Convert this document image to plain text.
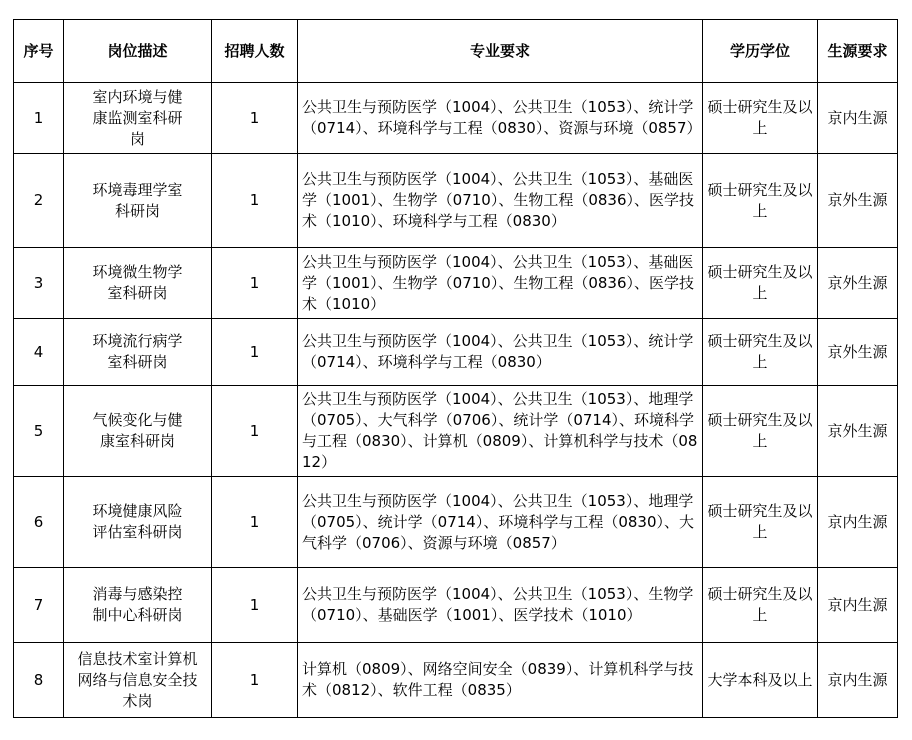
序号	岗位描述	招聘人数	专业要求	学历学位	生源要求
1	室内环境与健康监测室科研岗	1	公共卫生与预防医学（1004）、公共卫生（1053）、统计学（0714）、环境科学与工程（0830）、资源与环境（0857）	硕士研究生及以上	京内生源
2	环境毒理学室科研岗	1	公共卫生与预防医学（1004）、公共卫生（1053）、基础医学（1001）、生物学（0710）、生物工程（0836）、医学技术（1010）、环境科学与工程（0830）	硕士研究生及以上	京外生源
3	环境微生物学室科研岗	1	公共卫生与预防医学（1004）、公共卫生（1053）、基础医学（1001）、生物学（0710）、生物工程（0836）、医学技术（1010）	硕士研究生及以上	京外生源
4	环境流行病学室科研岗	1	公共卫生与预防医学（1004）、公共卫生（1053）、统计学（0714）、环境科学与工程（0830）	硕士研究生及以上	京外生源
5	气候变化与健康室科研岗	1	公共卫生与预防医学（1004）、公共卫生（1053）、地理学（0705）、大气科学（0706）、统计学（0714）、环境科学与工程（0830）、计算机（0809）、计算机科学与技术（0812）	硕士研究生及以上	京外生源
6	环境健康风险评估室科研岗	1	公共卫生与预防医学（1004）、公共卫生（1053）、地理学（0705）、统计学（0714）、环境科学与工程（0830）、大气科学（0706）、资源与环境（0857）	硕士研究生及以上	京内生源
7	消毒与感染控制中心科研岗	1	公共卫生与预防医学（1004）、公共卫生（1053）、生物学（0710）、基础医学（1001）、医学技术（1010）	硕士研究生及以上	京内生源
8	信息技术室计算机网络与信息安全技术岗	1	计算机（0809）、网络空间安全（0839）、计算机科学与技术（0812）、软件工程（0835）	大学本科及以上	京内生源
